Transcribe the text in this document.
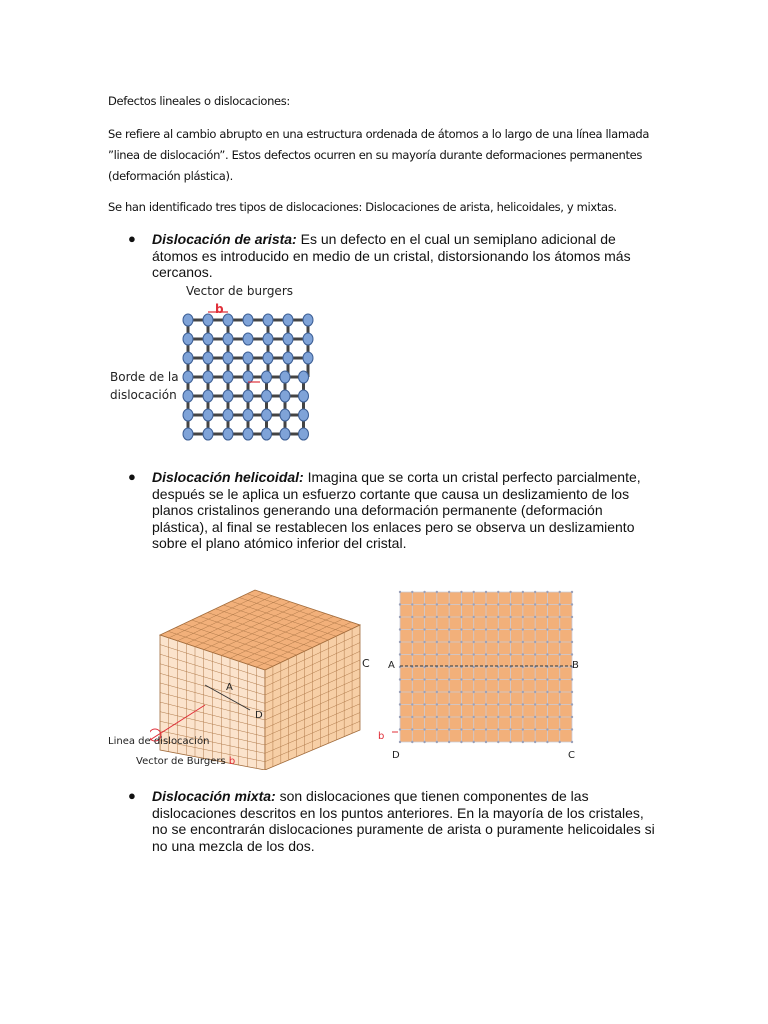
Defectos lineales o dislocaciones:
Se refiere al cambio abrupto en una estructura ordenada de átomos a lo largo de una línea llamada ”linea de dislocación”. Estos defectos ocurren en su mayoría durante deformaciones permanentes (deformación plástica).
Se han identificado tres tipos de dislocaciones: Dislocaciones de arista, helicoidales, y mixtas.
● Dislocación de arista: Es un defecto en el cual un semiplano adicional de átomos es introducido en medio de un cristal, distorsionando los átomos más cercanos.
Vector de burgers
b
Borde de la
dislocación
● Dislocación helicoidal: Imagina que se corta un cristal perfecto parcialmente, después se le aplica un esfuerzo cortante que causa un deslizamiento de los planos cristalinos generando una deformación permanente (deformación plástica), al final se restablecen los enlaces pero se observa un deslizamiento sobre el plano atómico inferior del cristal.
C
A
D
Linea de dislocación
Vector de Burgers b
A	B
b
D	C
● Dislocación mixta: son dislocaciones que tienen componentes de las dislocaciones descritos en los puntos anteriores. En la mayoría de los cristales, no se encontrarán dislocaciones puramente de arista o puramente helicoidales si no una mezcla de los dos.
